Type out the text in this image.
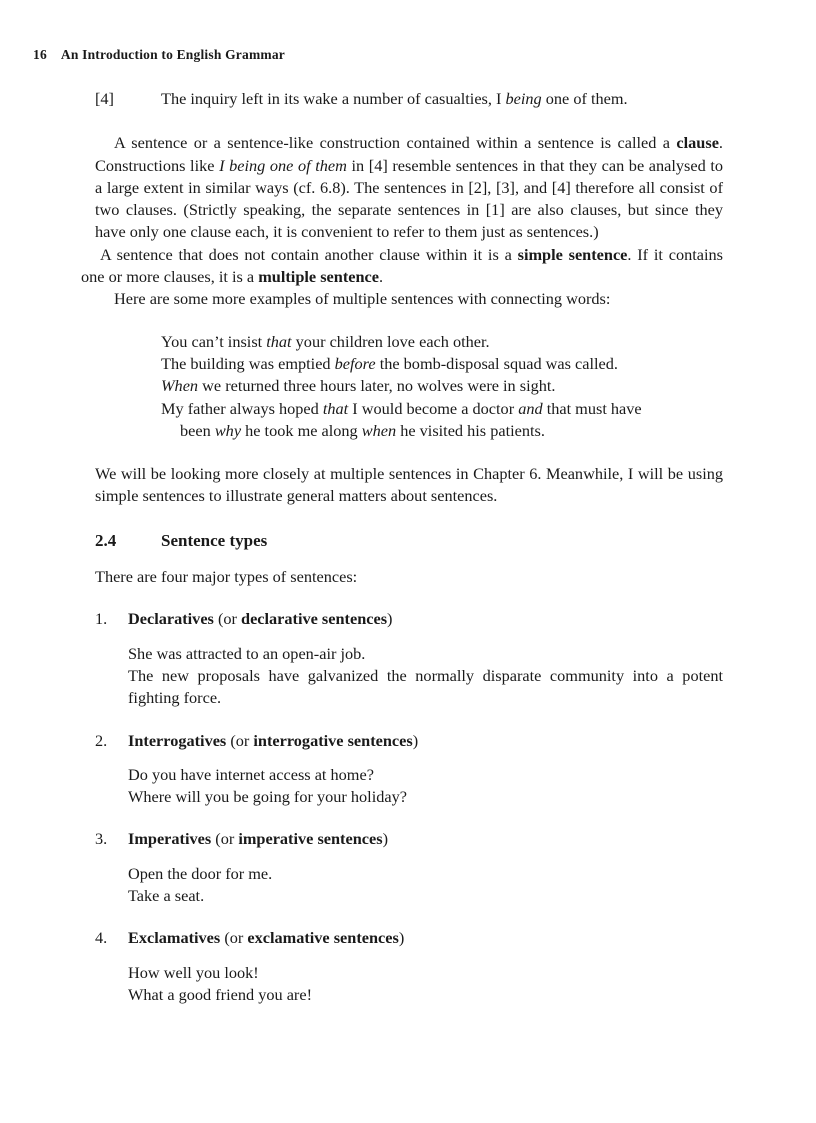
16 An Introduction to English Grammar
[4]	The inquiry left in its wake a number of casualties, I being one of them.

A sentence or a sentence-like construction contained within a sentence is called a clause. Constructions like I being one of them in [4] resemble sentences in that they can be analysed to a large extent in similar ways (cf. 6.8). The sentences in [2], [3], and [4] therefore all consist of two clauses. (Strictly speaking, the separate sentences in [1] are also clauses, but since they have only one clause each, it is convenient to refer to them just as sentences.)

A sentence that does not contain another clause within it is a simple sentence. If it contains one or more clauses, it is a multiple sentence.

Here are some more examples of multiple sentences with connecting words:

You can’t insist that your children love each other.
The building was emptied before the bomb-disposal squad was called.
When we returned three hours later, no wolves were in sight.
My father always hoped that I would become a doctor and that must have
been why he took me along when he visited his patients.

We will be looking more closely at multiple sentences in Chapter 6. Meanwhile, I will be using simple sentences to illustrate general matters about sentences.

2.4	Sentence types

There are four major types of sentences:

1.	Declaratives (or declarative sentences)

She was attracted to an open-air job.

The new proposals have galvanized the normally disparate community into a potent fighting force.

2.	Interrogatives (or interrogative sentences)

Do you have internet access at home?

Where will you be going for your holiday?

3.	Imperatives (or imperative sentences)

Open the door for me.

Take a seat.

4.	Exclamatives (or exclamative sentences)

How well you look!

What a good friend you are!
